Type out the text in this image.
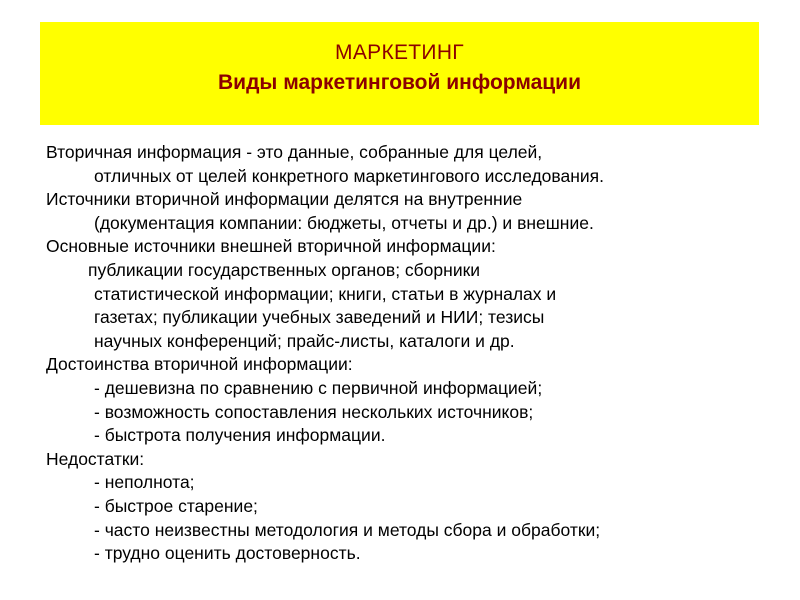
МАРКЕТИНГ
Виды маркетинговой информации
Вторичная информация - это данные, собранные для целей,
отличных от целей конкретного маркетингового исследования.
Источники вторичной информации делятся на внутренние
(документация компании: бюджеты, отчеты и др.) и внешние.
Основные источники внешней вторичной информации:
публикации государственных органов; сборники
статистической информации; книги, статьи в журналах и
газетах; публикации учебных заведений и НИИ; тезисы
научных конференций; прайс-листы, каталоги и др.
Достоинства вторичной информации:
- дешевизна по сравнению с первичной информацией;
- возможность сопоставления нескольких источников;
- быстрота получения информации.
Недостатки:
- неполнота;
- быстрое старение;
- часто неизвестны методология и методы сбора и обработки;
- трудно оценить достоверность.
